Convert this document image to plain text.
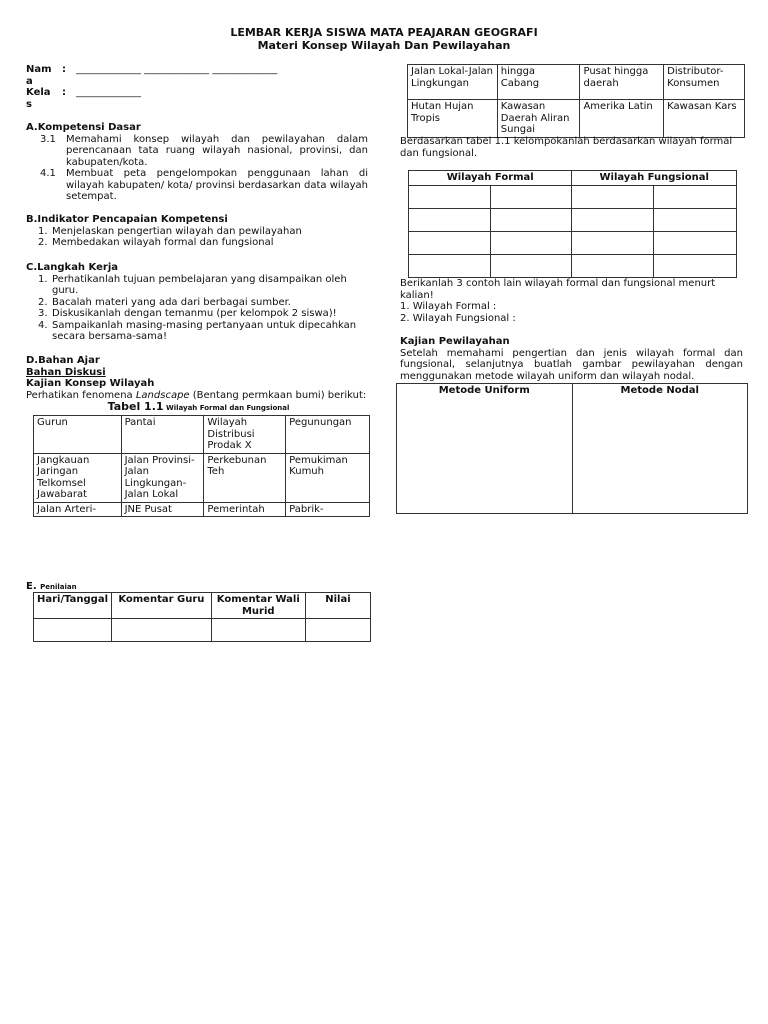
LEMBAR KERJA SISWA MATA PEAJARAN GEOGRAFI
Materi Konsep Wilayah Dan Pewilayahan
Nam
a
: _____________ _____________ _____________
Kela
s
: _____________
A.Kompetensi Dasar
3.1 Memahami konsep wilayah dan pewilayahan dalam perencanaan tata ruang wilayah nasional, provinsi, dan kabupaten/kota.
4.1 Membuat peta pengelompokan penggunaan lahan di wilayah kabupaten/ kota/ provinsi berdasarkan data wilayah setempat.
B.Indikator Pencapaian Kompetensi
1. Menjelaskan pengertian wilayah dan pewilayahan
2. Membedakan wilayah formal dan fungsional
C.Langkah Kerja
1. Perhatikanlah tujuan pembelajaran yang disampaikan oleh guru.
2. Bacalah materi yang ada dari berbagai sumber.
3. Diskusikanlah dengan temanmu (per kelompok 2 siswa)!
4. Sampaikanlah masing-masing pertanyaan untuk dipecahkan secara bersama-sama!
D.Bahan Ajar
Bahan Diskusi
Kajian Konsep Wilayah
Perhatikan fenomena Landscape (Bentang permkaan bumi) berikut:
Tabel 1.1 Wilayah Formal dan Fungsional
Gurun	Pantai	Wilayah Distribusi Prodak X	Pegunungan
Jangkauan Jaringan Telkomsel Jawabarat	Jalan Provinsi-Jalan Lingkungan-Jalan Lokal	Perkebunan Teh	Pemukiman Kumuh
Jalan Arteri-	JNE Pusat	Pemerintah	Pabrik-
E. Penilaian
Hari/Tanggal	Komentar Guru	Komentar Wali Murid	Nilai

Jalan Lokal-Jalan Lingkungan	hingga Cabang	Pusat hingga daerah	Distributor-Konsumen
Hutan Hujan Tropis	Kawasan Daerah Aliran Sungai	Amerika Latin	Kawasan Kars
Berdasarkan tabel 1.1 kelompokanlah berdasarkan wilayah formal dan fungsional.
Wilayah Formal		Wilayah Fungsional	

Berikanlah 3 contoh lain wilayah formal dan fungsional menurt kalian!
1. Wilayah Formal :
2. Wilayah Fungsional :
Kajian Pewilayahan
Setelah memahami pengertian dan jenis wilayah formal dan fungsional, selanjutnya buatlah gambar pewilayahan dengan menggunakan metode wilayah uniform dan wilayah nodal.
Metode Uniform	Metode Nodal
